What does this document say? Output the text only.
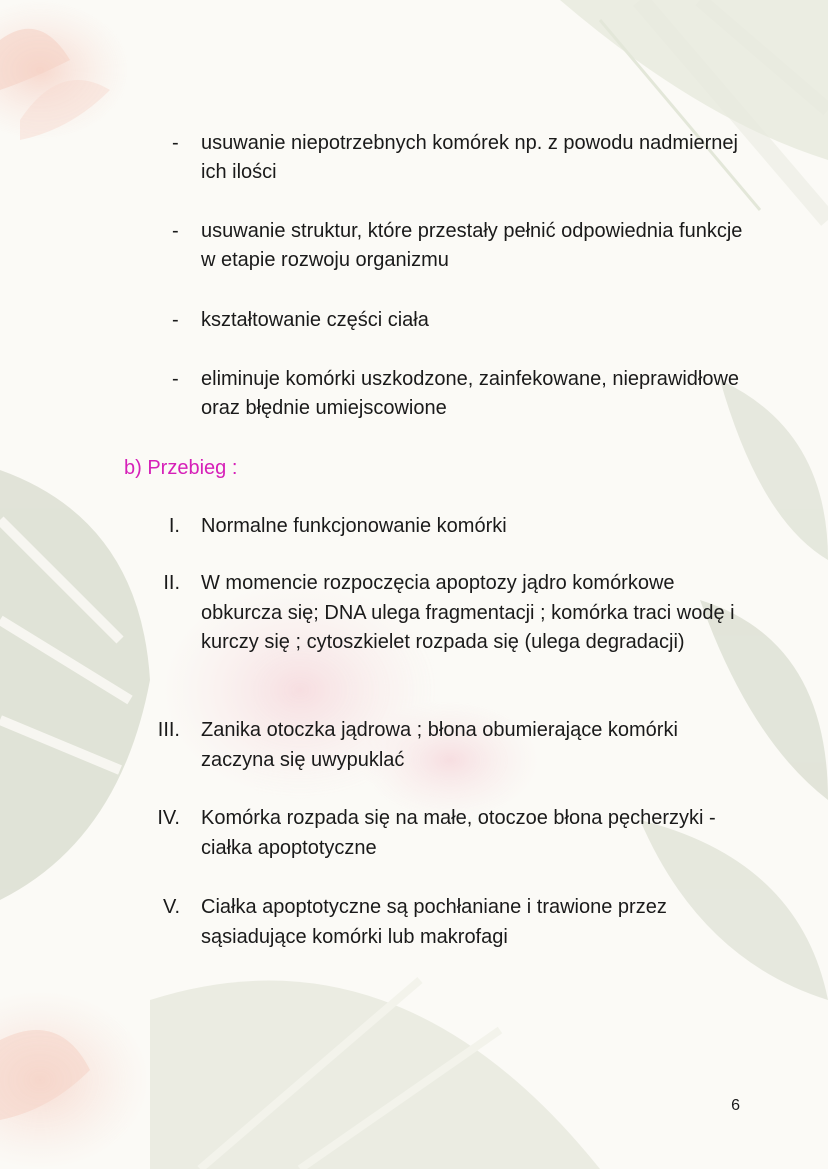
- usuwanie niepotrzebnych komórek np. z powodu nadmiernej ich ilości
- usuwanie struktur, które przestały pełnić odpowiednia funkcje w etapie rozwoju organizmu
- kształtowanie części ciała
- eliminuje komórki uszkodzone, zainfekowane, nieprawidłowe oraz błędnie umiejscowione
b) Przebieg :
I. Normalne funkcjonowanie komórki
II. W momencie rozpoczęcia apoptozy jądro komórkowe obkurcza się; DNA ulega fragmentacji ; komórka traci wodę i kurczy się ; cytoszkielet rozpada się (ulega degradacji)
III. Zanika otoczka jądrowa ; błona obumierające komórki zaczyna się uwypuklać
IV. Komórka rozpada się na małe, otoczoe błona pęcherzyki - ciałka apoptotyczne
V. Ciałka apoptotyczne są pochłaniane i trawione przez sąsiadujące komórki lub makrofagi
6
